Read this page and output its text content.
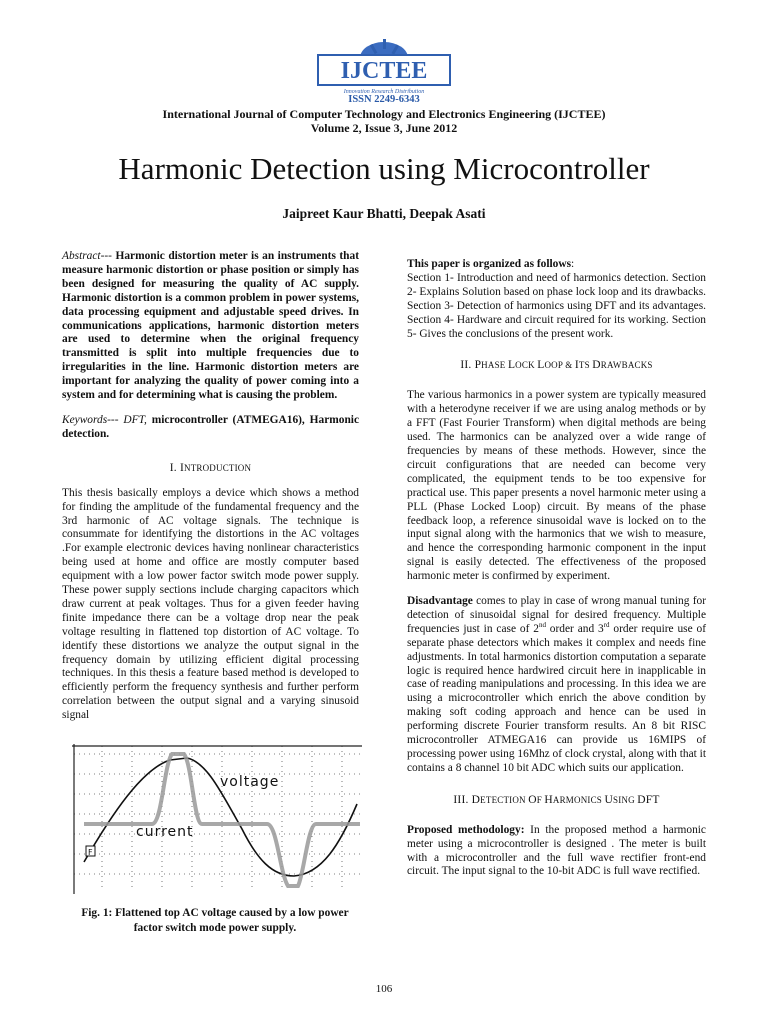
IJCTEE
Innovation Research Distribution
ISSN 2249-6343
International Journal of Computer Technology and Electronics Engineering (IJCTEE)
Volume 2, Issue 3, June 2012
Harmonic Detection using Microcontroller
Jaipreet Kaur Bhatti, Deepak Asati

Abstract--- Harmonic distortion meter is an instruments that measure harmonic distortion or phase position or simply has been designed for measuring the quality of AC supply. Harmonic distortion is a common problem in power systems, data processing equipment and adjustable speed drives. In communications applications, harmonic distortion meters are used to determine when the original frequency transmitted is split into multiple frequencies due to irregularities in the line. Harmonic distortion meters are important for analyzing the quality of power coming into a system and for determining what is causing the problem.

Keywords--- DFT, microcontroller (ATMEGA16), Harmonic detection.

I. INTRODUCTION

This thesis basically employs a device which shows a method for finding the amplitude of the fundamental frequency and the 3rd harmonic of AC voltage signals. The technique is consummate for identifying the distortions in the AC voltages .For example electronic devices having nonlinear characteristics being used at home and office are mostly computer based equipment with a low power factor switch mode power supply. These power supply sections include charging capacitors which draw current at peak voltages. Thus for a given feeder having finite impedance there can be a voltage drop near the peak voltage resulting in flattened top distortion of AC voltage. To identify these distortions we analyze the output signal in the frequency domain by utilizing efficient digital processing techniques. In this thesis a feature based method is developed to efficiently perform the frequency synthesis and further perform correlation between the output signal and a varying sinusoid signal

voltage
current
F
Fig. 1: Flattened top AC voltage caused by a low power factor switch mode power supply.

This paper is organized as follows:
Section 1- Introduction and need of harmonics detection. Section 2- Explains Solution based on phase lock loop and its drawbacks. Section 3- Detection of harmonics using DFT and its advantages. Section 4- Hardware and circuit required for its working. Section 5- Gives the conclusions of the present work.

II. PHASE LOCK LOOP & ITS DRAWBACKS

The various harmonics in a power system are typically measured with a heterodyne receiver if we are using analog methods or by a FFT (Fast Fourier Transform) when digital methods are being used. The harmonics can be analyzed over a wide range of frequencies by means of these methods. However, since the circuit configurations that are needed can become very complicated, the equipment tends to be too expensive for practical use. This paper presents a novel harmonic meter using a PLL (Phase Locked Loop) circuit. By means of the phase feedback loop, a reference sinusoidal wave is locked on to the input signal along with the harmonics that we wish to measure, and hence the corresponding harmonic component in the input signal is easily detected. The effectiveness of the proposed harmonic meter is confirmed by experiment.

Disadvantage comes to play in case of wrong manual tuning for detection of sinusoidal signal for desired frequency. Multiple frequencies just in case of 2nd order and 3rd order require use of separate phase detectors which makes it complex and needs fine adjustments. In total harmonics distortion computation a separate logic is required hence hardwired circuit here in inapplicable in case of reading manipulations and processing. In this idea we are using a microcontroller which enrich the above condition by making soft coding approach and hence can be used in performing discrete Fourier transform results. An 8 bit RISC microcontroller ATMEGA16 can provide us 16MIPS of processing power using 16Mhz of clock crystal, along with that it contains a 8 channel 10 bit ADC which suits our application.

III. DETECTION OF HARMONICS USING DFT

Proposed methodology: In the proposed method a harmonic meter using a microcontroller is designed . The meter is built with a microcontroller and the full wave rectifier front-end circuit. The input signal to the 10-bit ADC is full wave rectified.

106
